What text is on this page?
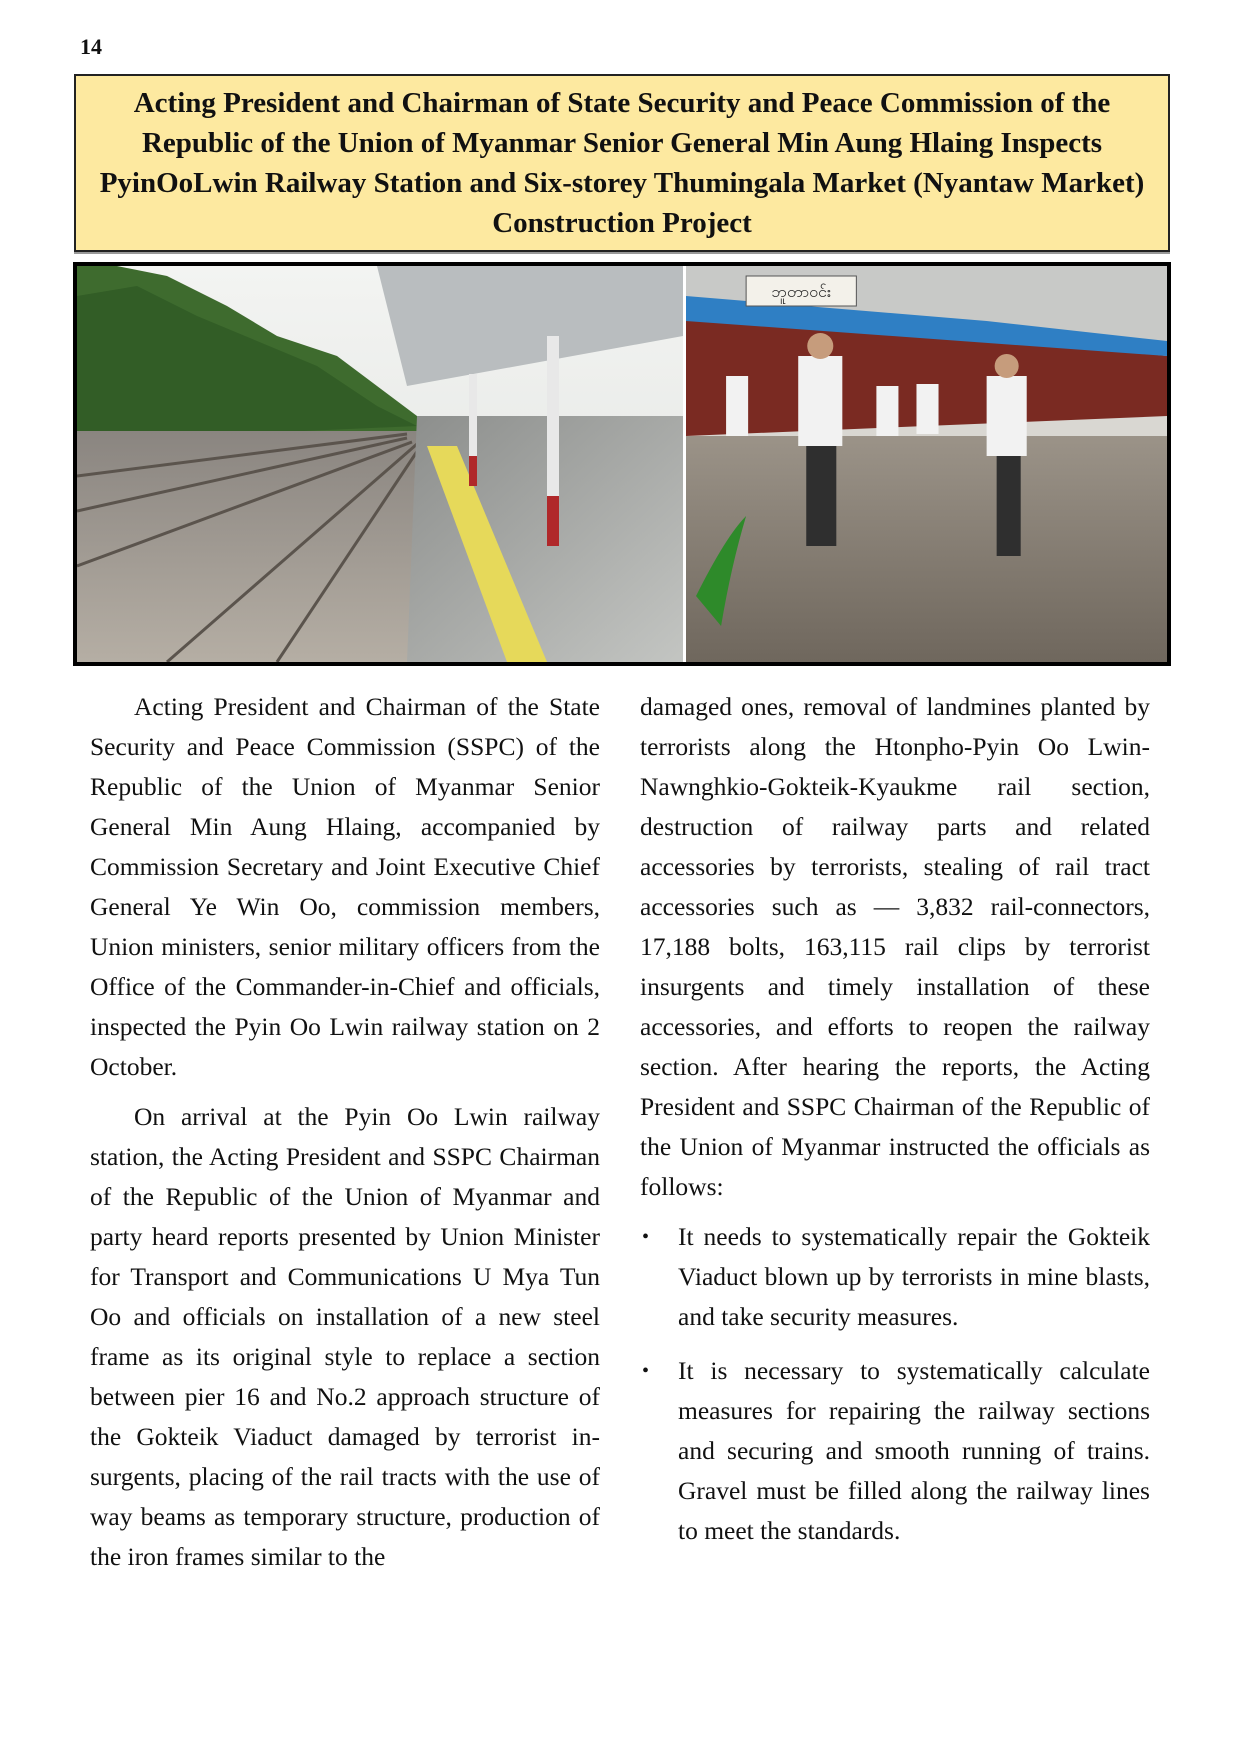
14
Acting President and Chairman of State Security and Peace Commission of the Republic of the Union of Myanmar Senior General Min Aung Hlaing Inspects PyinOoLwin Railway Station and Six-storey Thumingala Market (Nyantaw Market) Construction Project
ဘူတာဝင်း

Acting President and Chairman of the State Security and Peace Commission (SSPC) of the Republic of the Union of Myanmar Senior General Min Aung Hlaing, accompanied by Commission Secretary and Joint Executive Chief General Ye Win Oo, commission members, Union ministers, senior military officers from the Office of the Commander-in-Chief and officials, inspected the Pyin Oo Lwin railway station on 2 October.

On arrival at the Pyin Oo Lwin railway station, the Acting President and SSPC Chairman of the Republic of the Union of Myanmar and party heard reports presented by Union Minister for Transport and Communications U Mya Tun Oo and officials on installation of a new steel frame as its original style to replace a section between pier 16 and No.2 approach structure of the Gokteik Viaduct damaged by terrorist insurgents, placing of the rail tracts with the use of way beams as temporary structure, production of the iron frames similar to the

damaged ones, removal of landmines planted by terrorists along the Htonpho-Pyin Oo Lwin-Nawnghkio-Gokteik-Kyaukme rail section, destruction of railway parts and related accessories by terrorists, stealing of rail tract accessories such as — 3,832 rail-connectors, 17,188 bolts, 163,115 rail clips by terrorist insurgents and timely installation of these accessories, and efforts to reopen the railway section. After hearing the reports, the Acting President and SSPC Chairman of the Republic of the Union of Myanmar instructed the officials as follows:

• It needs to systematically repair the Gokteik Viaduct blown up by terrorists in mine blasts, and take security measures.
• It is necessary to systematically calculate measures for repairing the railway sections and securing and smooth running of trains. Gravel must be filled along the railway lines to meet the standards.
